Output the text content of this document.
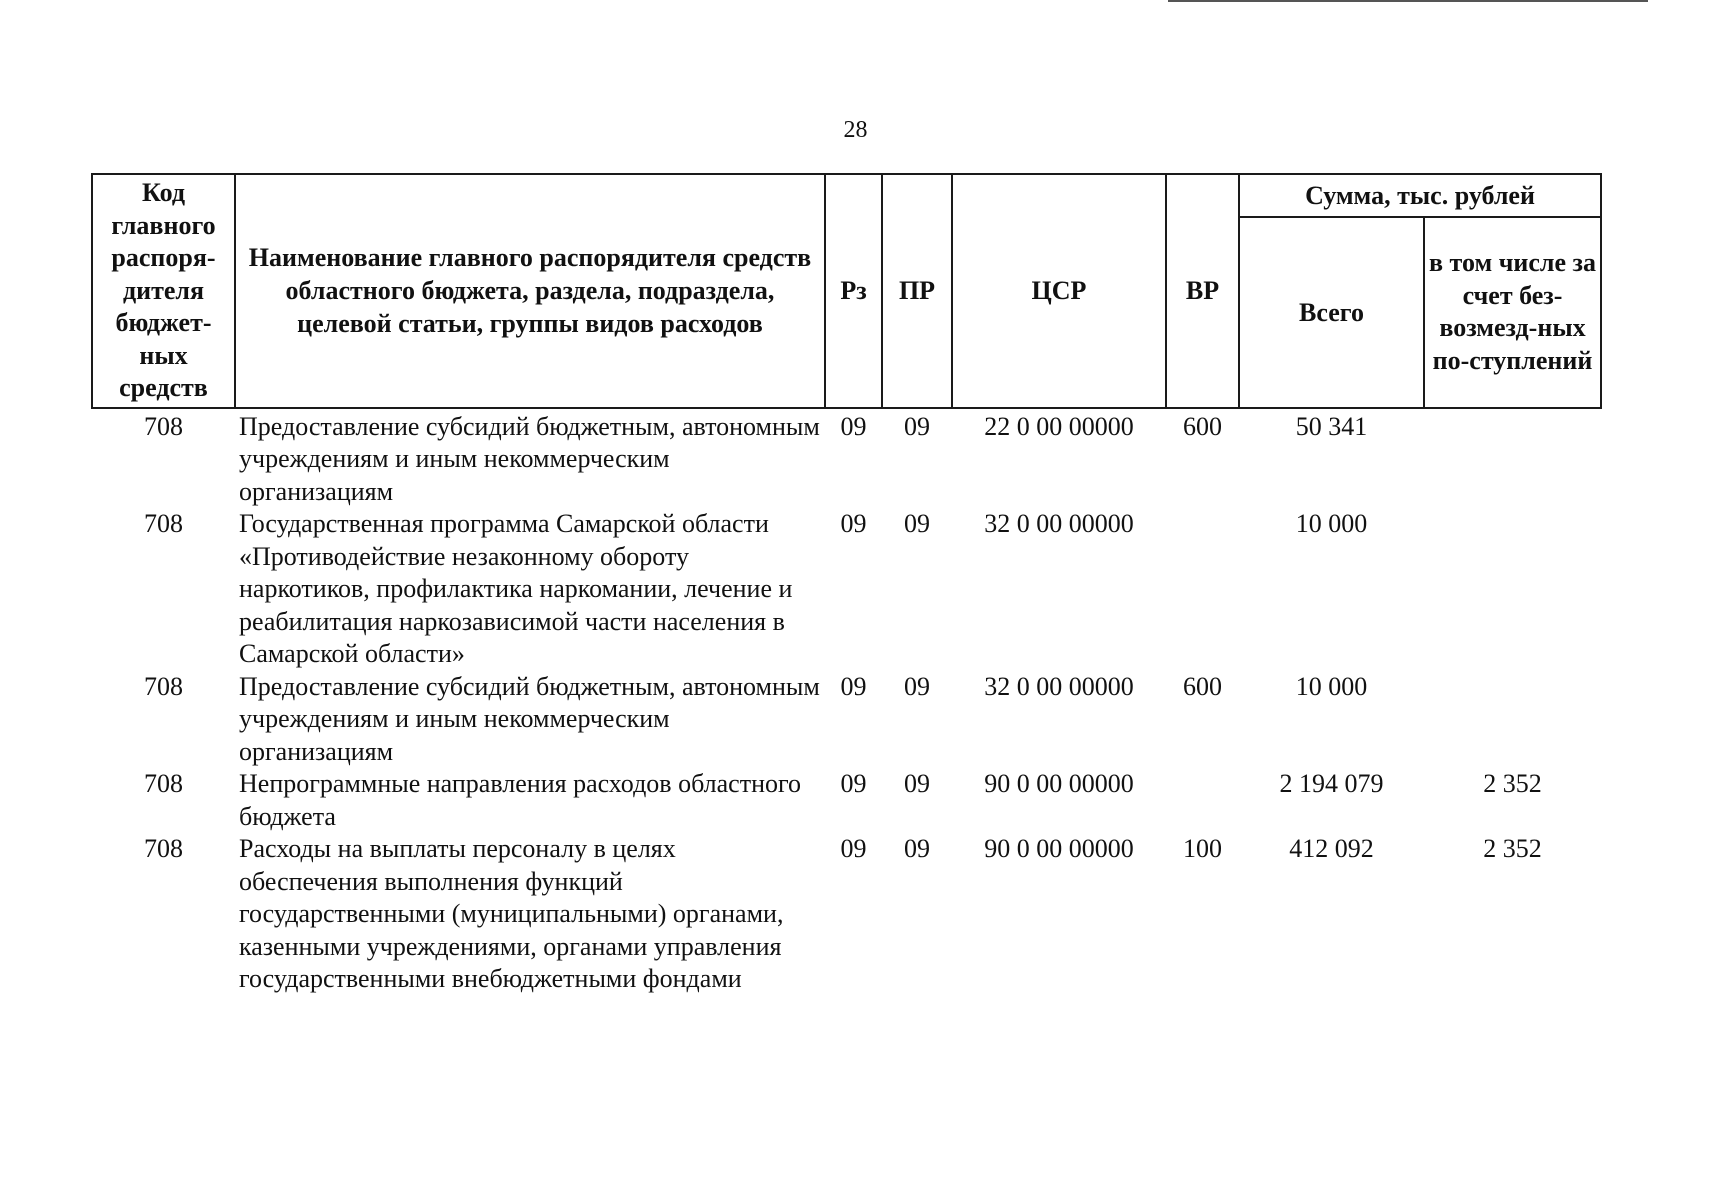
28
Код главного распоря-дителя бюджет-ных средств	Наименование главного распорядителя средств областного бюджета, раздела, подраздела, целевой статьи, группы видов расходов	Рз	ПР	ЦСР	ВР	Сумма, тыс. рублей	
						Всего	в том числе за счет без-возмезд-ных по-ступлений
708	Предоставление субсидий бюджетным, автономным учреждениям и иным некоммерческим организациям	09	09	22 0 00 00000	600	50 341	
708	Государственная программа Самарской области «Противодействие незаконному обороту наркотиков, профилактика наркомании, лечение и реабилитация наркозависимой части населения в Самарской области»	09	09	32 0 00 00000		10 000	
708	Предоставление субсидий бюджетным, автономным учреждениям и иным некоммерческим организациям	09	09	32 0 00 00000	600	10 000	
708	Непрограммные направления расходов областного бюджета	09	09	90 0 00 00000		2 194 079	2 352
708	Расходы на выплаты персоналу в целях обеспечения выполнения функций государственными (муниципальными) органами, казенными учреждениями, органами управления государственными внебюджетными фондами	09	09	90 0 00 00000	100	412 092	2 352
